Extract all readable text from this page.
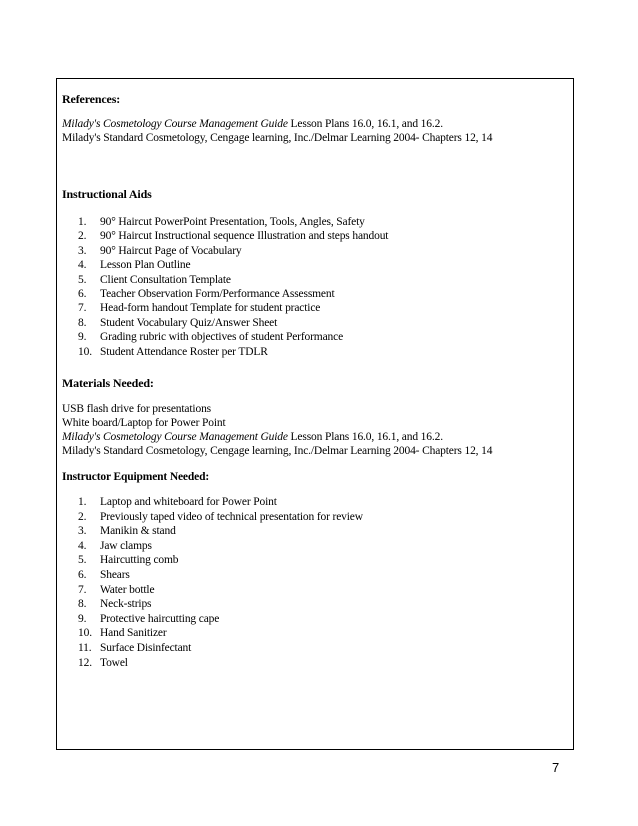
References:
Milady's Cosmetology Course Management Guide Lesson Plans 16.0, 16.1, and 16.2.
Milady's Standard Cosmetology, Cengage learning, Inc./Delmar Learning 2004- Chapters 12, 14
Instructional Aids
1.	90° Haircut PowerPoint Presentation, Tools, Angles, Safety
2.	90° Haircut Instructional sequence Illustration and steps handout
3.	90° Haircut Page of Vocabulary
4.	Lesson Plan Outline
5.	Client Consultation Template
6.	Teacher Observation Form/Performance Assessment
7.	Head-form handout Template for student practice
8.	Student Vocabulary Quiz/Answer Sheet
9.	Grading rubric with objectives of student Performance
10. Student Attendance Roster per TDLR
Materials Needed:
USB flash drive for presentations
White board/Laptop for Power Point
Milady's Cosmetology Course Management Guide Lesson Plans 16.0, 16.1, and 16.2.
Milady's Standard Cosmetology, Cengage learning, Inc./Delmar Learning 2004- Chapters 12, 14
Instructor Equipment Needed:
1.	Laptop and whiteboard for Power Point
2.	Previously taped video of technical presentation for review
3.	Manikin & stand
4.	Jaw clamps
5.	Haircutting comb
6.	Shears
7.	Water bottle
8.	Neck-strips
9.	Protective haircutting cape
10. Hand Sanitizer
11. Surface Disinfectant
12. Towel
7
